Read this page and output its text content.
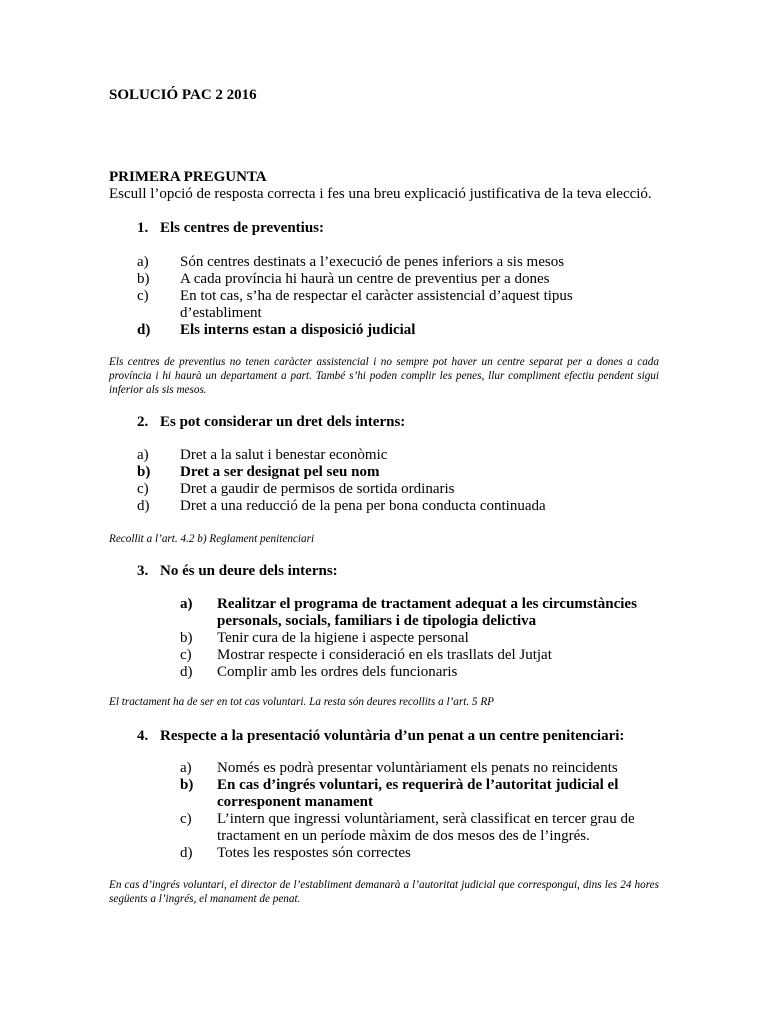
SOLUCIÓ PAC 2 2016
PRIMERA PREGUNTA
Escull l’opció de resposta correcta i fes una breu explicació justificativa de la teva elecció.
1. Els centres de preventius:
a) Són centres destinats a l’execució de penes inferiors a sis mesos
b) A cada província hi haurà un centre de preventius per a dones
c) En tot cas, s’ha de respectar el caràcter assistencial d’aquest tipus d’establiment
d) Els interns estan a disposició judicial
Els centres de preventius no tenen caràcter assistencial i no sempre pot haver un centre separat per a dones a cada província i hi haurà un departament a part. També s’hi poden complir les penes, llur compliment efectiu pendent sigui inferior als sis mesos.
2. Es pot considerar un dret dels interns:
a) Dret a la salut i benestar econòmic
b) Dret a ser designat pel seu nom
c) Dret a gaudir de permisos de sortida ordinaris
d) Dret a una reducció de la pena per bona conducta continuada
Recollit a l’art. 4.2 b) Reglament penitenciari
3. No és un deure dels interns:
a) Realitzar el programa de tractament adequat a les circumstàncies personals, socials, familiars i de tipologia delictiva
b) Tenir cura de la higiene i aspecte personal
c) Mostrar respecte i consideració en els trasllats del Jutjat
d) Complir amb les ordres dels funcionaris
El tractament ha de ser en tot cas voluntari. La resta són deures recollits a l’art. 5 RP
4. Respecte a la presentació voluntària d’un penat a un centre penitenciari:
a) Només es podrà presentar voluntàriament els penats no reincidents
b) En cas d’ingrés voluntari, es requerirà de l’autoritat judicial el corresponent manament
c) L’intern que ingressi voluntàriament, serà classificat en tercer grau de tractament en un període màxim de dos mesos des de l’ingrés.
d) Totes les respostes són correctes
En cas d’ingrés voluntari, el director de l’establiment demanarà a l’autoritat judicial que correspongui, dins les 24 hores següents a l’ingrés, el manament de penat.
